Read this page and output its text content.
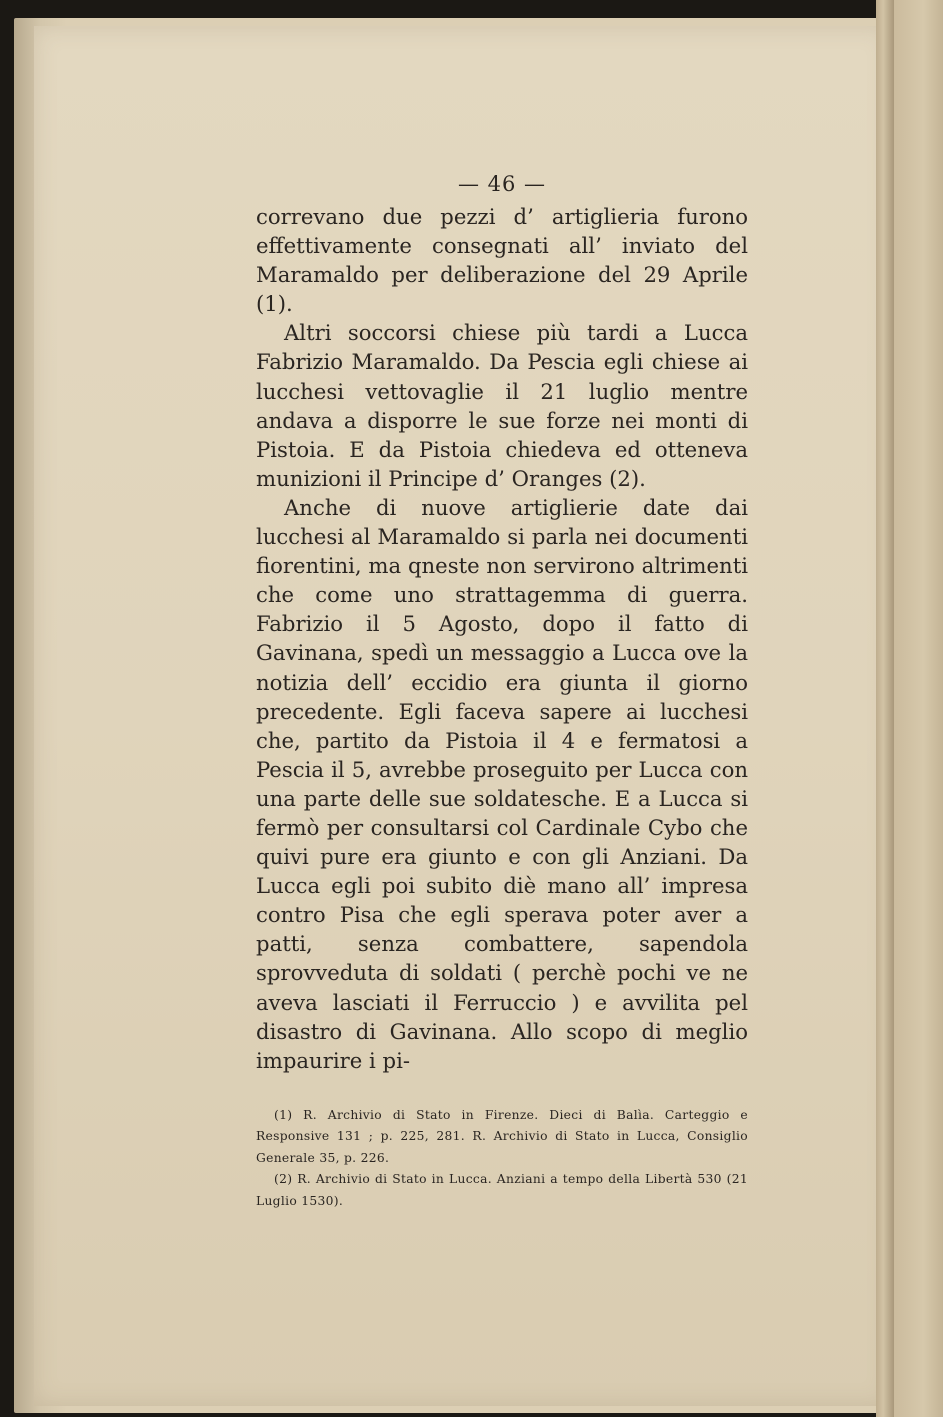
— 46 —

correvano due pezzi d’ artiglieria furono effettivamente consegnati all’ inviato del Maramaldo per deliberazione del 29 Aprile (1).

Altri soccorsi chiese più tardi a Lucca Fabrizio Maramaldo. Da Pescia egli chiese ai lucchesi vettovaglie il 21 luglio mentre andava a disporre le sue forze nei monti di Pistoia. E da Pistoia chiedeva ed otteneva munizioni il Principe d’ Oranges (2).

Anche di nuove artiglierie date dai lucchesi al Maramaldo si parla nei documenti fiorentini, ma qneste non servirono altrimenti che come uno strattagemma di guerra. Fabrizio il 5 Agosto, dopo il fatto di Gavinana, spedì un messaggio a Lucca ove la notizia dell’ eccidio era giunta il giorno precedente. Egli faceva sapere ai lucchesi che, partito da Pistoia il 4 e fermatosi a Pescia il 5, avrebbe proseguito per Lucca con una parte delle sue soldatesche. E a Lucca si fermò per consultarsi col Cardinale Cybo che quivi pure era giunto e con gli Anziani. Da Lucca egli poi subito diè mano all’ impresa contro Pisa che egli sperava poter aver a patti, senza combattere, sapendola sprovveduta di soldati ( perchè pochi ve ne aveva lasciati il Ferruccio ) e avvilita pel disastro di Gavinana. Allo scopo di meglio impaurire i pi-

(1) R. Archivio di Stato in Firenze. Dieci di Balìa. Carteggio e Responsive 131 ; p. 225, 281. R. Archivio di Stato in Lucca, Consiglio Generale 35, p. 226.

(2) R. Archivio di Stato in Lucca. Anziani a tempo della Libertà 530 (21 Luglio 1530).
